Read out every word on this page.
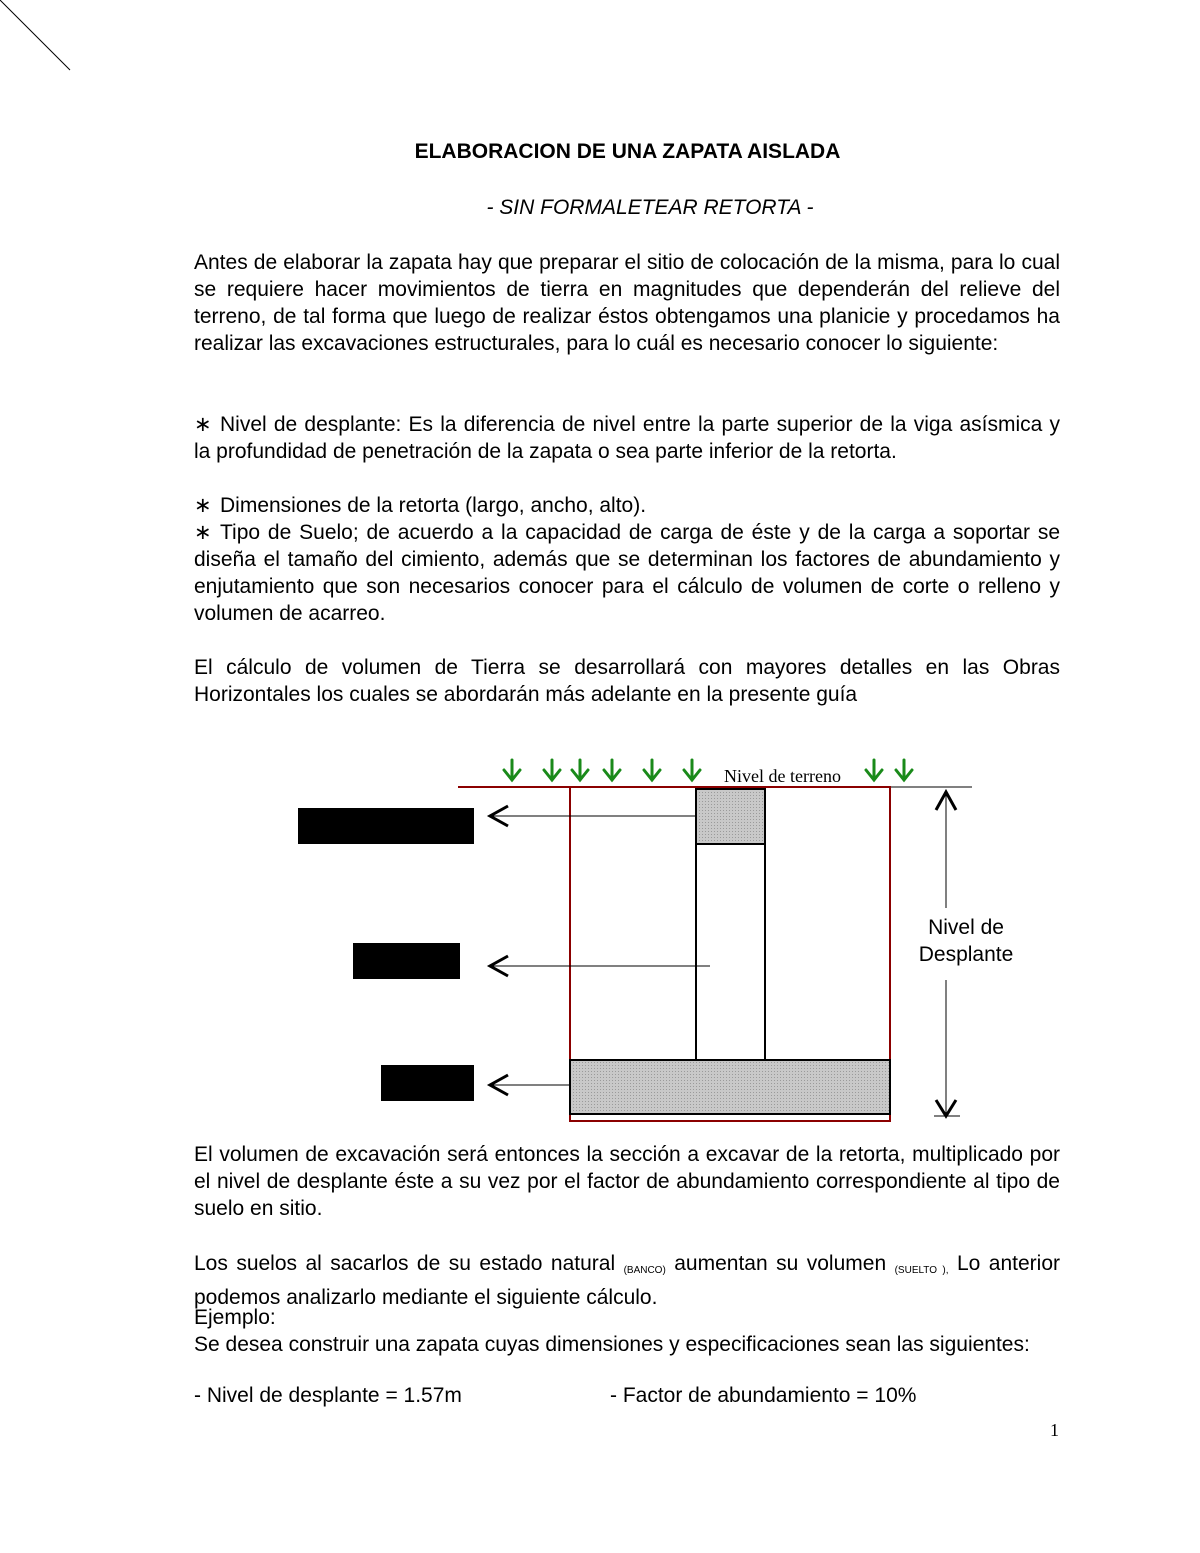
ELABORACION DE UNA ZAPATA AISLADA
- SIN FORMALETEAR RETORTA -

Antes de elaborar la zapata hay que preparar el sitio de colocación de la misma, para lo cual se requiere hacer movimientos de tierra en magnitudes que dependerán del relieve del terreno, de tal forma que luego de realizar éstos obtengamos una planicie y procedamos ha realizar las excavaciones estructurales, para lo cuál es necesario conocer lo siguiente:

∗ Nivel de desplante: Es la diferencia de nivel entre la parte superior de la viga asísmica y la profundidad de penetración de la zapata o sea parte inferior de la retorta.

∗ Dimensiones de la retorta (largo, ancho, alto).

∗ Tipo de Suelo; de acuerdo a la capacidad de carga de éste y de la carga a soportar se diseña el tamaño del cimiento, además que se determinan los factores de abundamiento y enjutamiento que son necesarios conocer para el cálculo de volumen de corte o relleno y volumen de acarreo.

El cálculo de volumen de Tierra se desarrollará con mayores detalles en las Obras Horizontales los cuales se abordarán más adelante en la presente guía

Nivel de terreno
Nivel de
Desplante

El volumen de excavación será entonces la sección a excavar de la retorta, multiplicado por el nivel de desplante éste a su vez por el factor de abundamiento correspondiente al tipo de suelo en sitio.

Los suelos al sacarlos de su estado natural (BANCO) aumentan su volumen (SUELTO ), Lo anterior podemos analizarlo mediante el siguiente cálculo.

Ejemplo:

Se desea construir una zapata cuyas dimensiones y especificaciones sean las siguientes:

- Nivel de desplante = 1.57m	- Factor de abundamiento = 10%
1
